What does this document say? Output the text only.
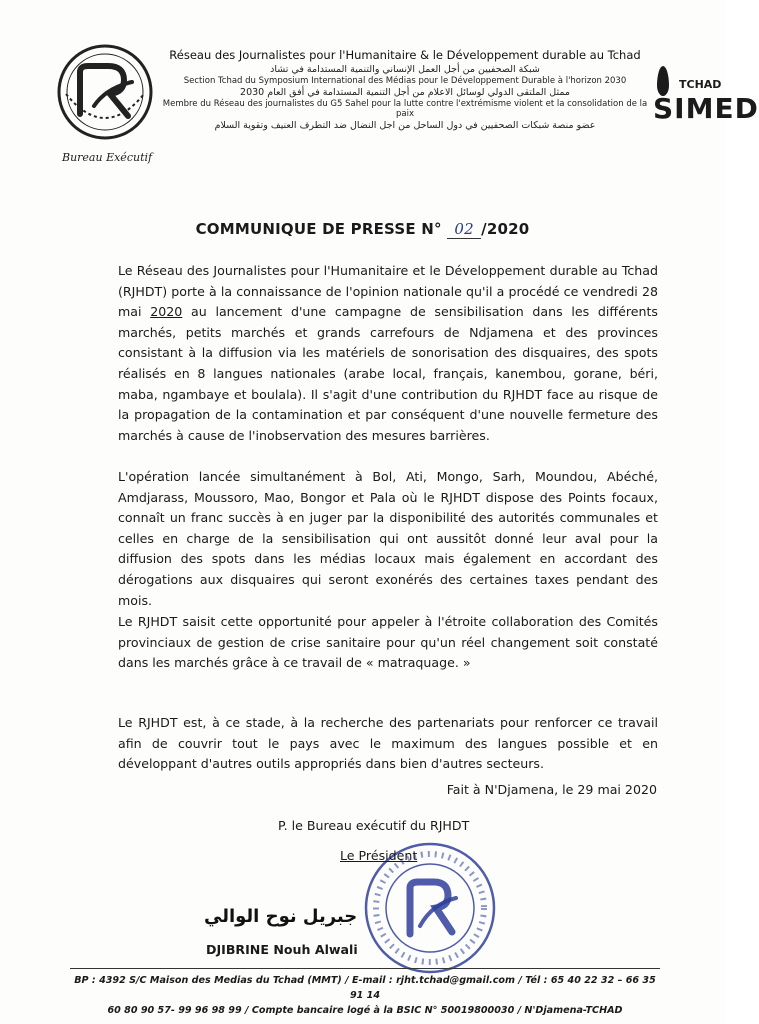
Bureau Exécutif
Réseau des Journalistes pour l'Humanitaire & le Développement durable au Tchad
شبكة الصحفيين من أجل العمل الإنساني والتنمية المستدامة في تشاد
Section Tchad du Symposium International des Médias pour le Développement Durable à l'horizon 2030
ممثل الملتقى الدولي لوسائل الاعلام من أجل التنمية المستدامة في أفق العام 2030
Membre du Réseau des journalistes du G5 Sahel pour la lutte contre l'extrémisme violent et la consolidation de la paix
عضو منصة شبكات الصحفيين في دول الساحل من اجل النضال ضد التطرف العنيف وتقوية السلام
TCHAD
SIMED
COMMUNIQUE DE PRESSE N° 02 /2020
Le Réseau des Journalistes pour l'Humanitaire et le Développement durable au Tchad (RJHDT) porte à la connaissance de l'opinion nationale qu'il a procédé ce vendredi 28 mai 2020 au lancement d'une campagne de sensibilisation dans les différents marchés, petits marchés et grands carrefours de Ndjamena et des provinces consistant à la diffusion via les matériels de sonorisation des disquaires, des spots réalisés en 8 langues nationales (arabe local, français, kanembou, gorane, béri, maba, ngambaye et boulala). Il s'agit d'une contribution du RJHDT face au risque de la propagation de la contamination et par conséquent d'une nouvelle fermeture des marchés à cause de l'inobservation des mesures barrières.
L'opération lancée simultanément à Bol, Ati, Mongo, Sarh, Moundou, Abéché, Amdjarass, Moussoro, Mao, Bongor et Pala où le RJHDT dispose des Points focaux, connaît un franc succès à en juger par la disponibilité des autorités communales et celles en charge de la sensibilisation qui ont aussitôt donné leur aval pour la diffusion des spots dans les médias locaux mais également en accordant des dérogations aux disquaires qui seront exonérés des certaines taxes pendant des mois.
Le RJHDT saisit cette opportunité pour appeler à l'étroite collaboration des Comités provinciaux de gestion de crise sanitaire pour qu'un réel changement soit constaté dans les marchés grâce à ce travail de « matraquage. »
Le RJHDT est, à ce stade, à la recherche des partenariats pour renforcer ce travail afin de couvrir tout le pays avec le maximum des langues possible et en développant d'autres outils appropriés dans bien d'autres secteurs.
Fait à N'Djamena, le 29 mai 2020
P. le Bureau exécutif du RJHDT
Le Président
جبريل نوح الوالي
DJIBRINE Nouh Alwali
BP : 4392 S/C Maison des Medias du Tchad (MMT) / E-mail : rjht.tchad@gmail.com / Tél : 65 40 22 32 – 66 35 91 14
60 80 90 57- 99 96 98 99 / Compte bancaire logé à la BSIC N° 50019800030 / N'Djamena-TCHAD
